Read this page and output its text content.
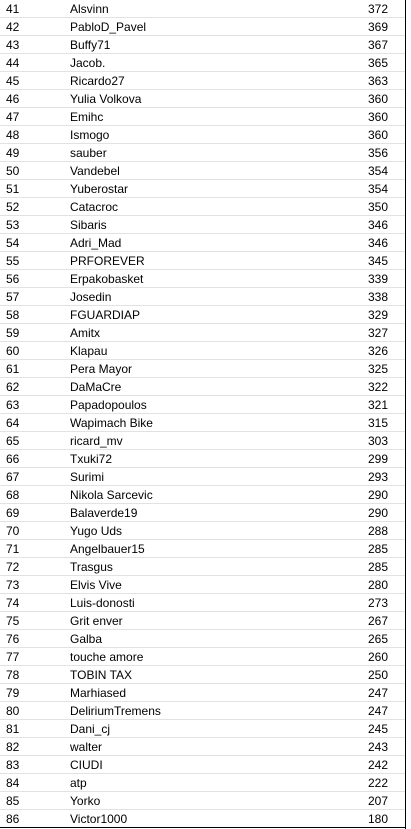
41	Alsvinn	372
42	PabloD_Pavel	369
43	Buffy71	367
44	Jacob.	365
45	Ricardo27	363
46	Yulia Volkova	360
47	Emihc	360
48	Ismogo	360
49	sauber	356
50	Vandebel	354
51	Yuberostar	354
52	Catacroc	350
53	Sibaris	346
54	Adri_Mad	346
55	PRFOREVER	345
56	Erpakobasket	339
57	Josedin	338
58	FGUARDIAP	329
59	Amitx	327
60	Klapau	326
61	Pera Mayor	325
62	DaMaCre	322
63	Papadopoulos	321
64	Wapimach Bike	315
65	ricard_mv	303
66	Txuki72	299
67	Surimi	293
68	Nikola Sarcevic	290
69	Balaverde19	290
70	Yugo Uds	288
71	Angelbauer15	285
72	Trasgus	285
73	Elvis Vive	280
74	Luis-donosti	273
75	Grit enver	267
76	Galba	265
77	touche amore	260
78	TOBIN TAX	250
79	Marhiased	247
80	DeliriumTremens	247
81	Dani_cj	245
82	walter	243
83	CIUDI	242
84	atp	222
85	Yorko	207
86	Victor1000	180
